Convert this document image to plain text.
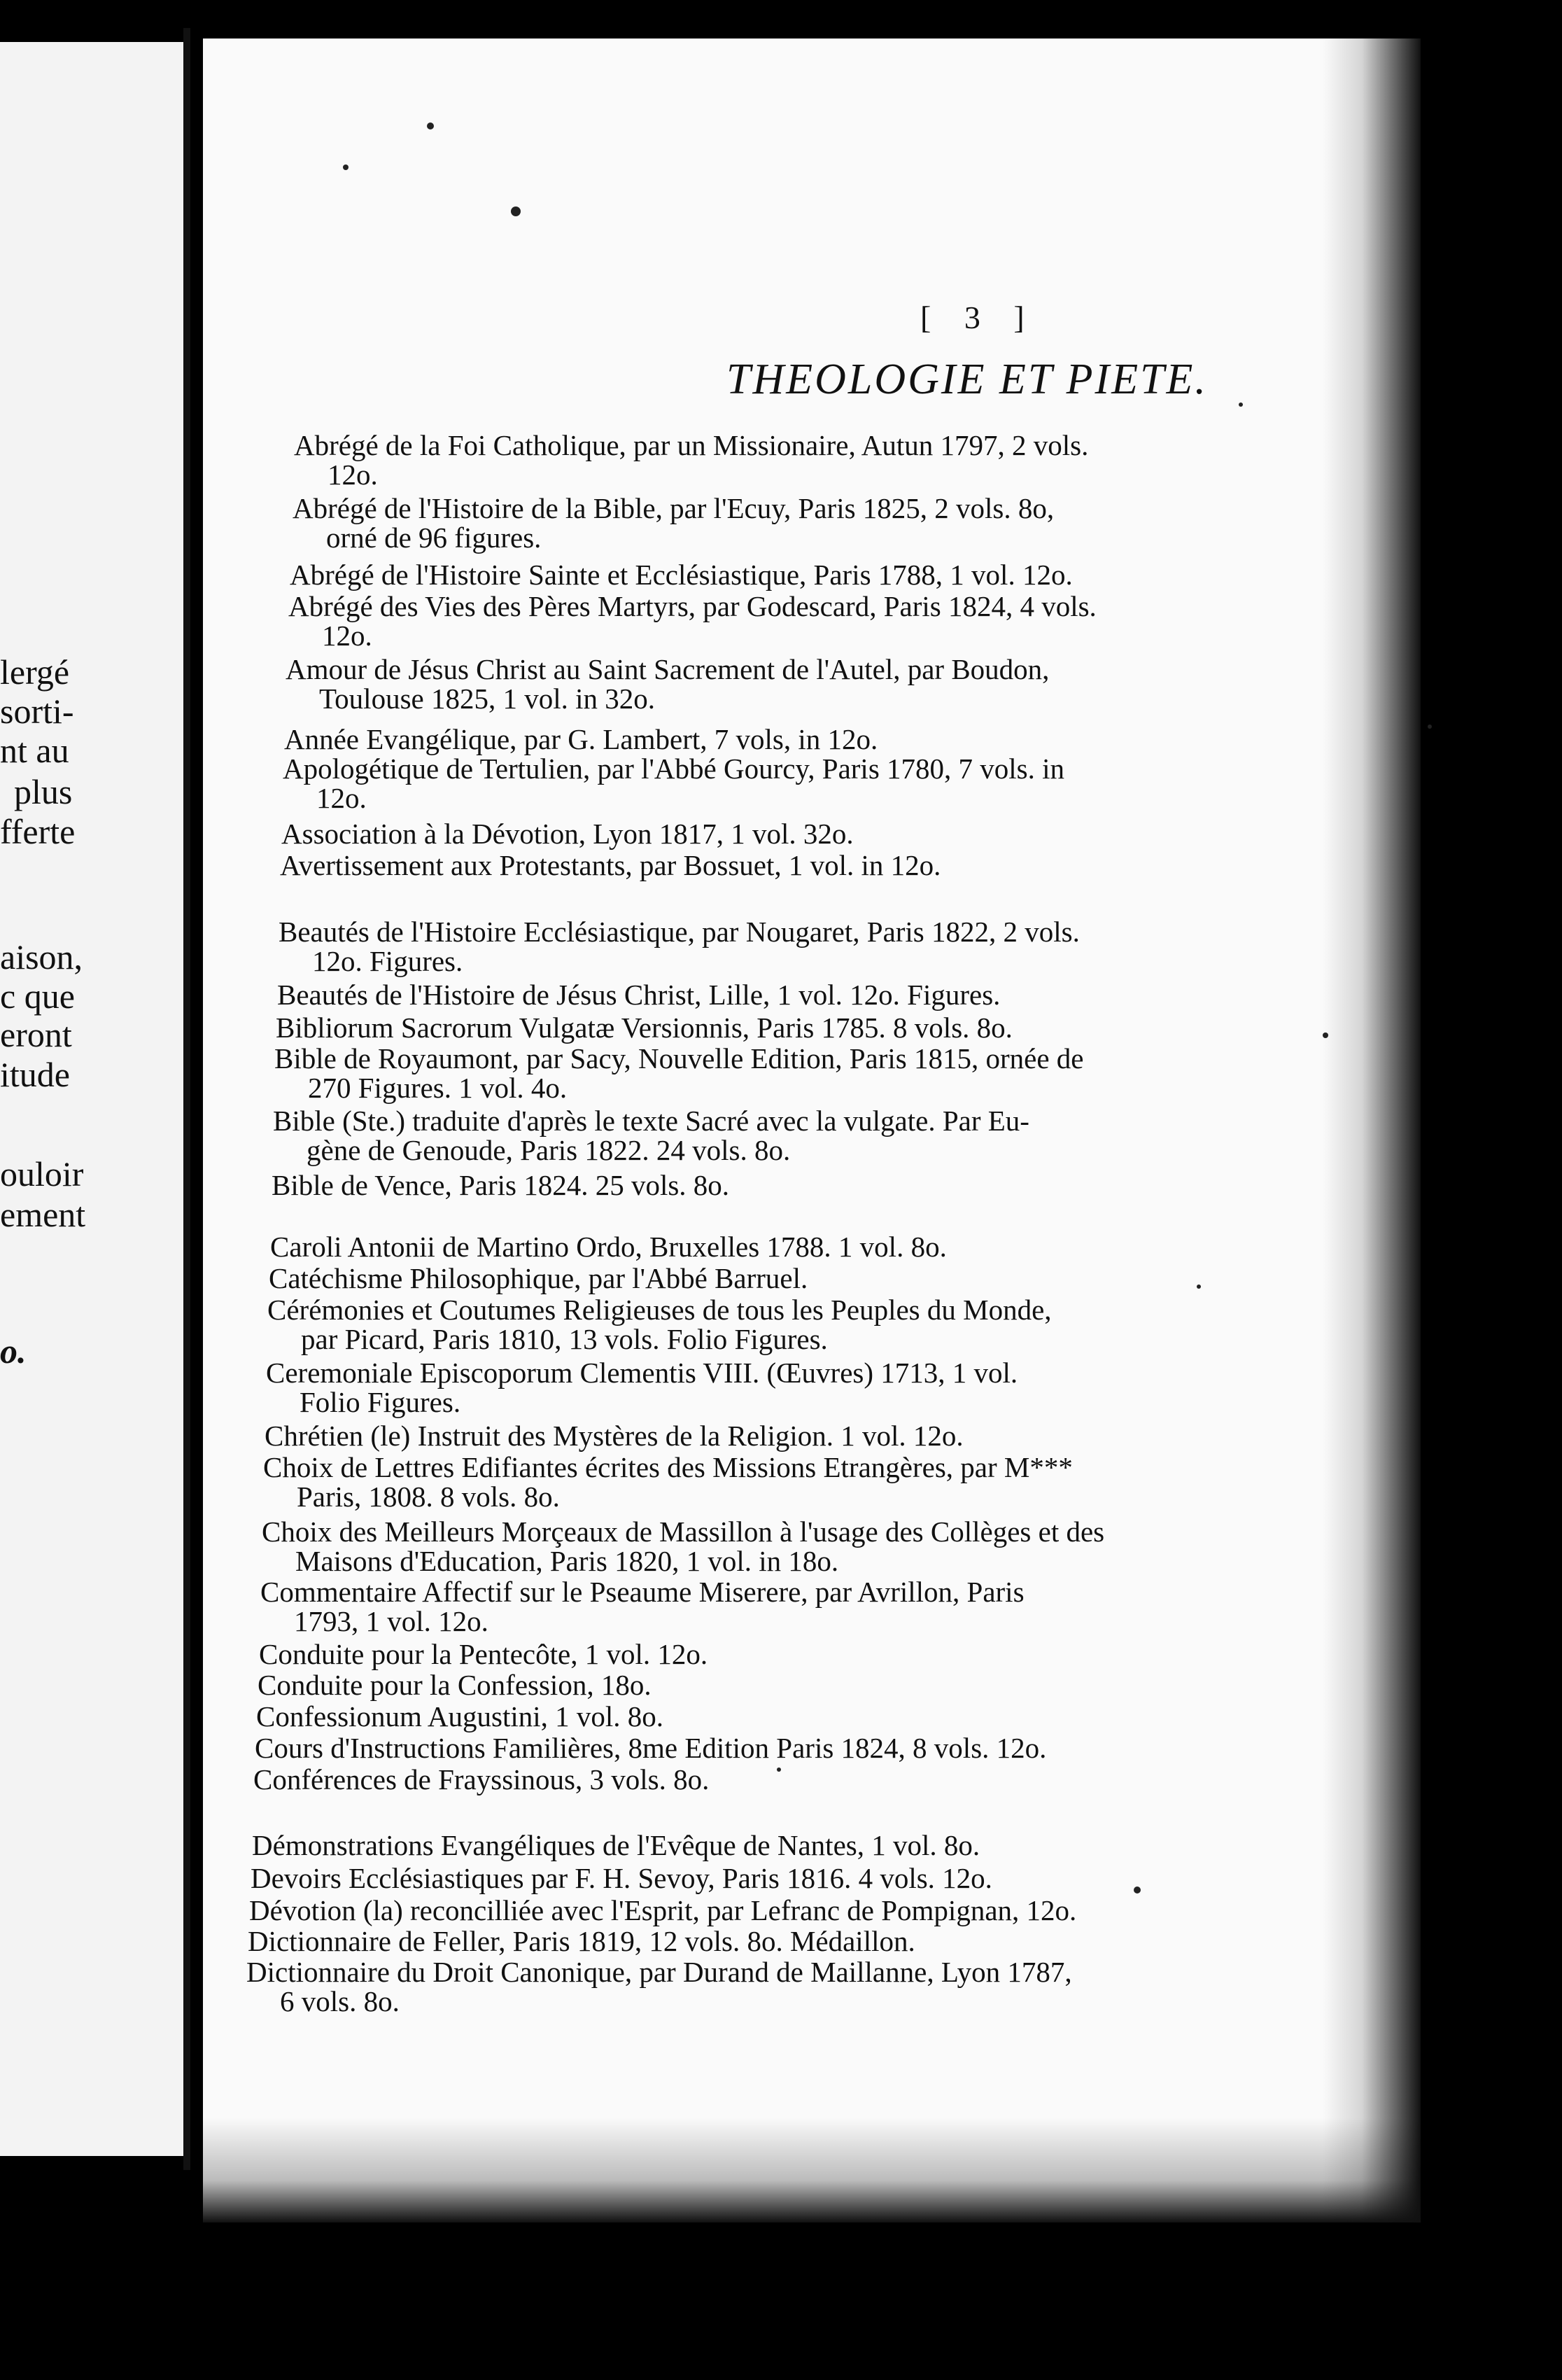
lergé
sorti-
nt au
plus
fferte
aison,
c que
eront
itude
ouloir
ement
o.
[ 3 ]
THEOLOGIE ET PIETE.
Abrégé de la Foi Catholique, par un Missionaire, Autun 1797, 2 vols.
12o.
Abrégé de l'Histoire de la Bible, par l'Ecuy, Paris 1825, 2 vols. 8o,
orné de 96 figures.
Abrégé de l'Histoire Sainte et Ecclésiastique, Paris 1788, 1 vol. 12o.
Abrégé des Vies des Pères Martyrs, par Godescard, Paris 1824, 4 vols.
12o.
Amour de Jésus Christ au Saint Sacrement de l'Autel, par Boudon,
Toulouse 1825, 1 vol. in 32o.
Année Evangélique, par G. Lambert, 7 vols, in 12o.
Apologétique de Tertulien, par l'Abbé Gourcy, Paris 1780, 7 vols. in
12o.
Association à la Dévotion, Lyon 1817, 1 vol. 32o.
Avertissement aux Protestants, par Bossuet, 1 vol. in 12o.
Beautés de l'Histoire Ecclésiastique, par Nougaret, Paris 1822, 2 vols.
12o. Figures.
Beautés de l'Histoire de Jésus Christ, Lille, 1 vol. 12o. Figures.
Bibliorum Sacrorum Vulgatæ Versionnis, Paris 1785. 8 vols. 8o.
Bible de Royaumont, par Sacy, Nouvelle Edition, Paris 1815, ornée de
270 Figures. 1 vol. 4o.
Bible (Ste.) traduite d'après le texte Sacré avec la vulgate. Par Eu-
gène de Genoude, Paris 1822. 24 vols. 8o.
Bible de Vence, Paris 1824. 25 vols. 8o.
Caroli Antonii de Martino Ordo, Bruxelles 1788. 1 vol. 8o.
Catéchisme Philosophique, par l'Abbé Barruel.
Cérémonies et Coutumes Religieuses de tous les Peuples du Monde,
par Picard, Paris 1810, 13 vols. Folio Figures.
Ceremoniale Episcoporum Clementis VIII. (Œuvres) 1713, 1 vol.
Folio Figures.
Chrétien (le) Instruit des Mystères de la Religion. 1 vol. 12o.
Choix de Lettres Edifiantes écrites des Missions Etrangères, par M***
Paris, 1808. 8 vols. 8o.
Choix des Meilleurs Morçeaux de Massillon à l'usage des Collèges et des
Maisons d'Education, Paris 1820, 1 vol. in 18o.
Commentaire Affectif sur le Pseaume Miserere, par Avrillon, Paris
1793, 1 vol. 12o.
Conduite pour la Pentecôte, 1 vol. 12o.
Conduite pour la Confession, 18o.
Confessionum Augustini, 1 vol. 8o.
Cours d'Instructions Familières, 8me Edition Paris 1824, 8 vols. 12o.
Conférences de Frayssinous, 3 vols. 8o.
Démonstrations Evangéliques de l'Evêque de Nantes, 1 vol. 8o.
Devoirs Ecclésiastiques par F. H. Sevoy, Paris 1816. 4 vols. 12o.
Dévotion (la) reconcilliée avec l'Esprit, par Lefranc de Pompignan, 12o.
Dictionnaire de Feller, Paris 1819, 12 vols. 8o. Médaillon.
Dictionnaire du Droit Canonique, par Durand de Maillanne, Lyon 1787,
6 vols. 8o.
